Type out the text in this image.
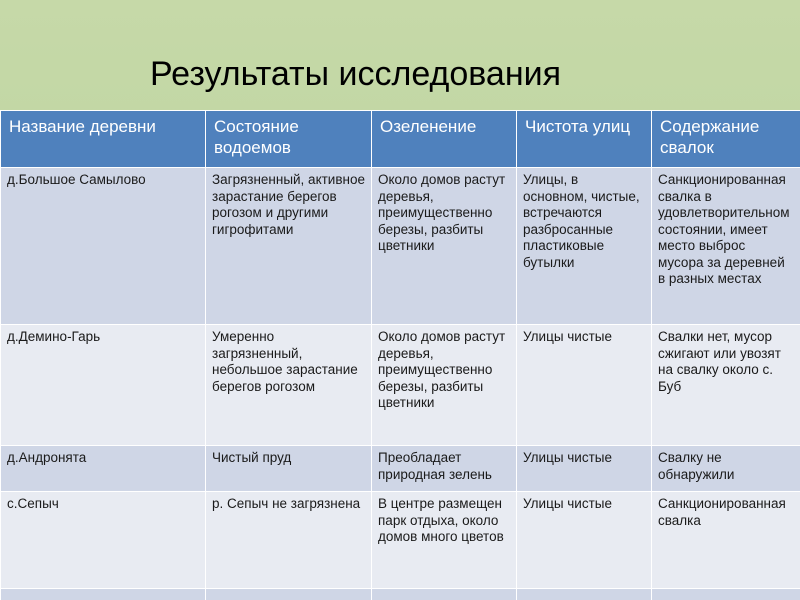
Результаты исследования
Название деревни	Состояние водоемов	Озеленение	Чистота улиц	Содержание свалок
д.Большое Самылово	Загрязненный, активное зарастание берегов рогозом и другими гигрофитами	Около домов растут деревья, преимущественно березы, разбиты цветники	Улицы, в основном, чистые, встречаются разбросанные пластиковые бутылки	Санкционированная свалка в удовлетворительном состоянии, имеет место выброс мусора за деревней в разных местах
д.Демино-Гарь	Умеренно загрязненный, небольшое зарастание берегов рогозом	Около домов растут деревья, преимущественно березы, разбиты цветники	Улицы чистые	Свалки нет, мусор сжигают или увозят на свалку около с. Буб
д.Андронята	Чистый пруд	Преобладает природная зелень	Улицы чистые	Свалку не обнаружили
с.Сепыч	р. Сепыч не загрязнена	В центре размещен парк отдыха, около домов много цветов	Улицы чистые	Санкционированная свалка
